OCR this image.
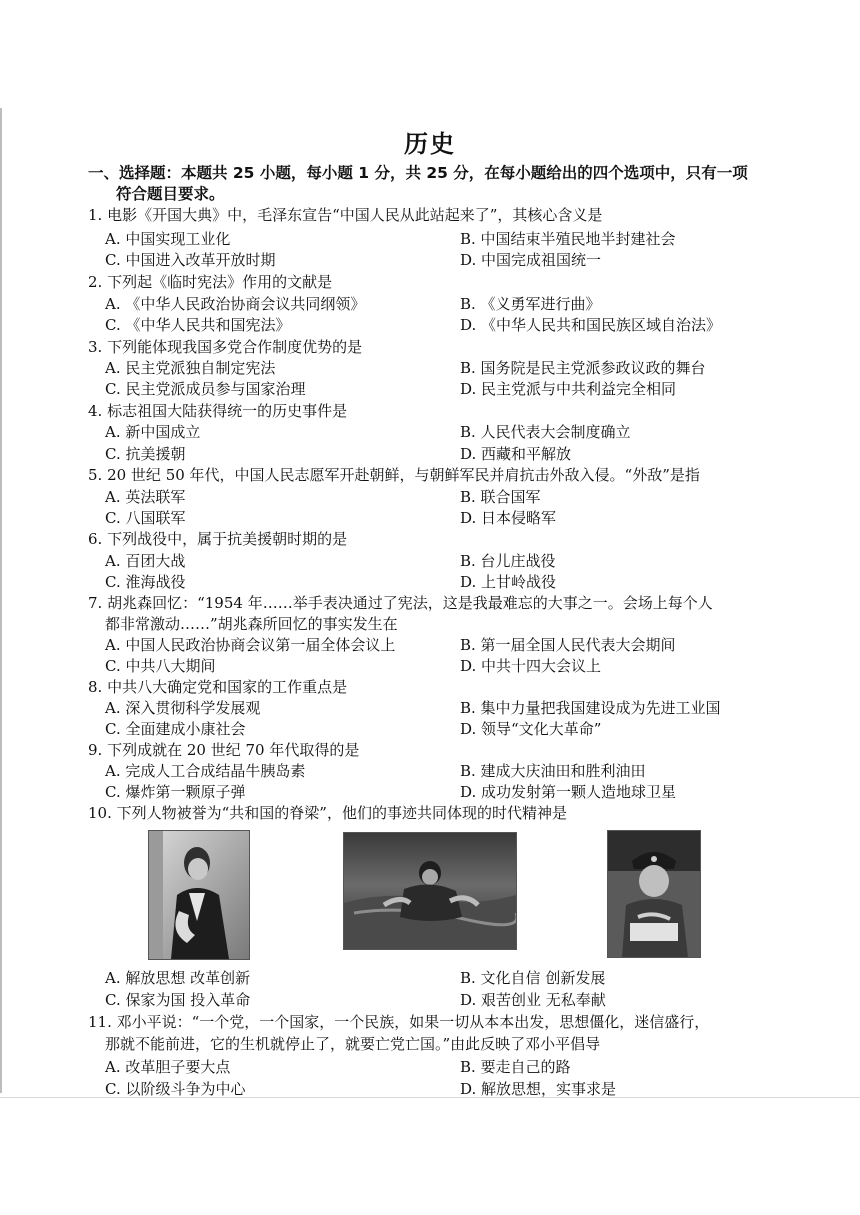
历史
一、选择题：本题共 25 小题，每小题 1 分，共 25 分，在每小题给出的四个选项中，只有一项
符合题目要求。
1. 电影《开国大典》中，毛泽东宣告“中国人民从此站起来了”，其核心含义是
A. 中国实现工业化	B. 中国结束半殖民地半封建社会
C. 中国进入改革开放时期	D. 中国完成祖国统一
2. 下列起《临时宪法》作用的文献是
A. 《中华人民政治协商会议共同纲领》	B. 《义勇军进行曲》
C. 《中华人民共和国宪法》	D. 《中华人民共和国民族区域自治法》
3. 下列能体现我国多党合作制度优势的是
A. 民主党派独自制定宪法	B. 国务院是民主党派参政议政的舞台
C. 民主党派成员参与国家治理	D. 民主党派与中共利益完全相同
4. 标志祖国大陆获得统一的历史事件是
A. 新中国成立	B. 人民代表大会制度确立
C. 抗美援朝	D. 西藏和平解放
5. 20 世纪 50 年代，中国人民志愿军开赴朝鲜，与朝鲜军民并肩抗击外敌入侵。“外敌”是指
A. 英法联军	B. 联合国军
C. 八国联军	D. 日本侵略军
6. 下列战役中，属于抗美援朝时期的是
A. 百团大战	B. 台儿庄战役
C. 淮海战役	D. 上甘岭战役
7. 胡兆森回忆：“1954 年……举手表决通过了宪法，这是我最难忘的大事之一。会场上每个人
都非常激动……”胡兆森所回忆的事实发生在
A. 中国人民政治协商会议第一届全体会议上	B. 第一届全国人民代表大会期间
C. 中共八大期间	D. 中共十四大会议上
8. 中共八大确定党和国家的工作重点是
A. 深入贯彻科学发展观	B. 集中力量把我国建设成为先进工业国
C. 全面建成小康社会	D. 领导“文化大革命”
9. 下列成就在 20 世纪 70 年代取得的是
A. 完成人工合成结晶牛胰岛素	B. 建成大庆油田和胜利油田
C. 爆炸第一颗原子弹	D. 成功发射第一颗人造地球卫星
10. 下列人物被誉为“共和国的脊梁”，他们的事迹共同体现的时代精神是
A. 解放思想 改革创新	B. 文化自信 创新发展
C. 保家为国 投入革命	D. 艰苦创业 无私奉献
11. 邓小平说：“一个党，一个国家，一个民族，如果一切从本本出发，思想僵化，迷信盛行，
那就不能前进，它的生机就停止了，就要亡党亡国。”由此反映了邓小平倡导
A. 改革胆子要大点	B. 要走自己的路
C. 以阶级斗争为中心	D. 解放思想，实事求是
